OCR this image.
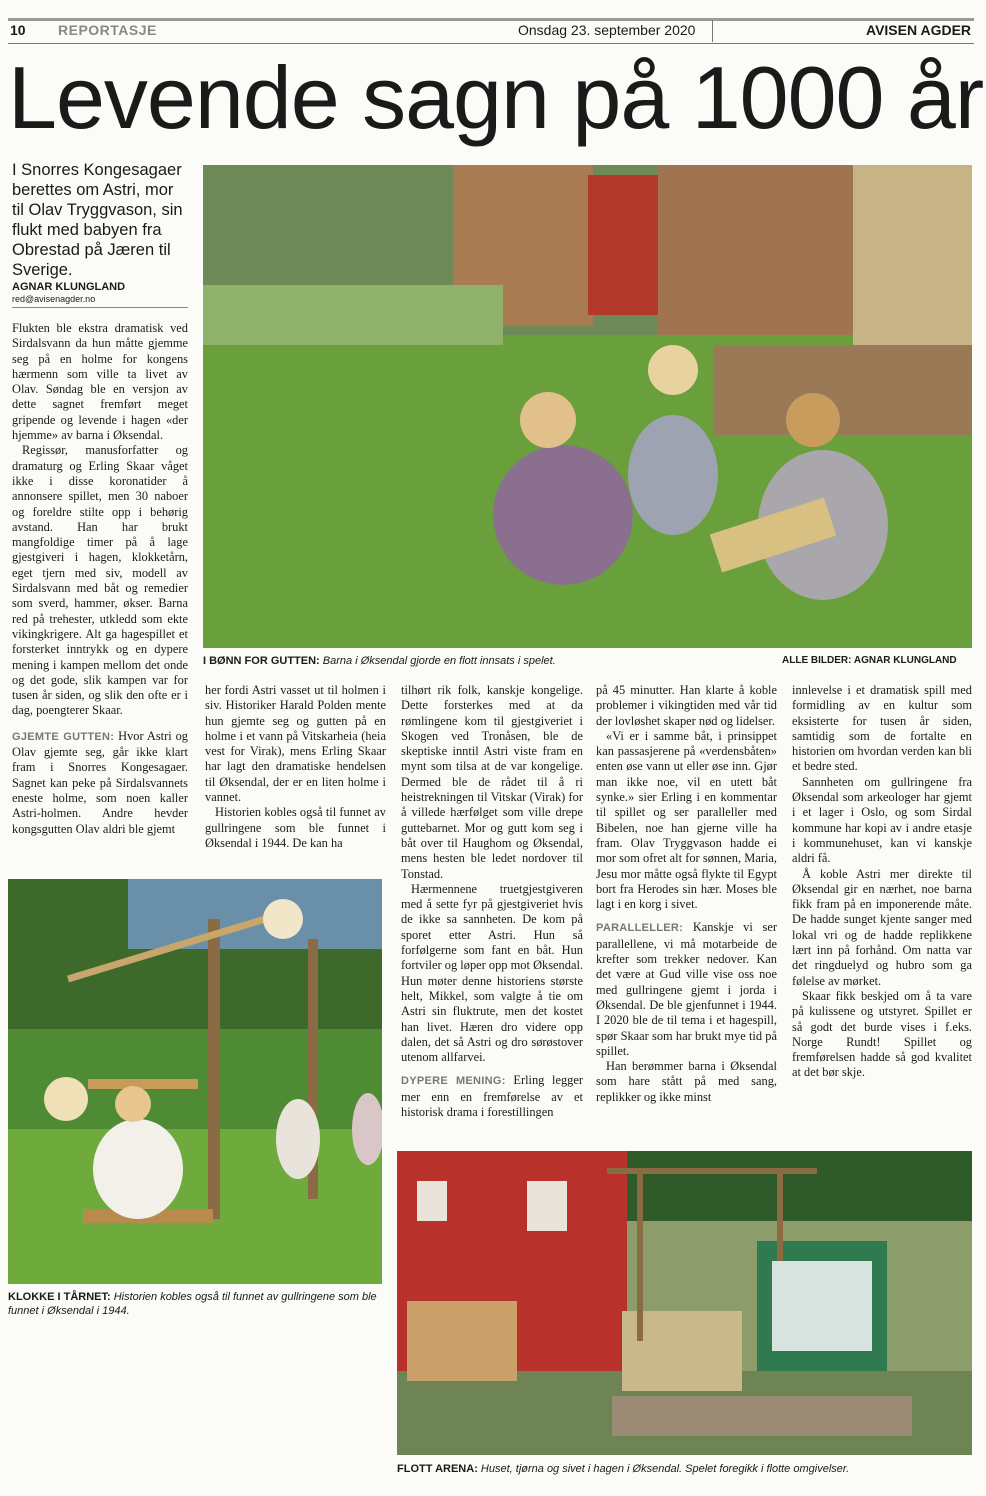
10 REPORTASJE	Onsdag 23. september 2020	AVISEN AGDER
Levende sagn på 1000 år
I Snorres Kongesagaer berettes om Astri, mor til Olav Tryggvason, sin flukt med babyen fra Obrestad på Jæren til Sverige.
AGNAR KLUNGLAND
red@avisenagder.no
I BØNN FOR GUTTEN: Barna i Øksendal gjorde en flott innsats i spelet.	ALLE BILDER: AGNAR KLUNGLAND

Flukten ble ekstra dramatisk ved Sirdalsvann da hun måtte gjemme seg på en holme for kongens hærmenn som ville ta livet av Olav. Søndag ble en versjon av dette sagnet fremført meget gripende og levende i hagen «der hjemme» av barna i Øksendal.

Regissør, manusforfatter og dramaturg og Erling Skaar våget ikke i disse koronatider å annonsere spillet, men 30 naboer og foreldre stilte opp i behørig avstand. Han har brukt mangfoldige timer på å lage gjestgiveri i hagen, klokketårn, eget tjern med siv, modell av Sirdalsvann med båt og remedier som sverd, hammer, økser. Barna red på trehester, utkledd som ekte vikingkrigere. Alt ga hagespillet et forsterket inntrykk og en dypere mening i kampen mellom det onde og det gode, slik kampen var for tusen år siden, og slik den ofte er i dag, poengterer Skaar.

GJEMTE GUTTEN: Hvor Astri og Olav gjemte seg, går ikke klart fram i Snorres Kongesagaer. Sagnet kan peke på Sirdalsvannets eneste holme, som noen kaller Astri-holmen. Andre hevder kongsgutten Olav aldri ble gjemt

her fordi Astri vasset ut til holmen i siv. Historiker Harald Polden mente hun gjemte seg og gutten på en holme i et vann på Vitskarheia (heia vest for Virak), mens Erling Skaar har lagt den dramatiske hendelsen til Øksendal, der er en liten holme i vannet.

Historien kobles også til funnet av gullringene som ble funnet i Øksendal i 1944. De kan ha

tilhørt rik folk, kanskje kongelige. Dette forsterkes med at da rømlingene kom til gjestgiveriet i Skogen ved Tronåsen, ble de skeptiske inntil Astri viste fram en mynt som tilsa at de var kongelige. Dermed ble de rådet til å ri heistrekningen til Vitskar (Virak) for å villede hærfølget som ville drepe guttebarnet. Mor og gutt kom seg i båt over til Haughom og Øksendal, mens hesten ble ledet nordover til Tonstad.

Hærmennene truetgjestgiveren med å sette fyr på gjestgiveriet hvis de ikke sa sannheten. De kom på sporet etter Astri. Hun så forfølgerne som fant en båt. Hun fortviler og løper opp mot Øksendal. Hun møter denne historiens største helt, Mikkel, som valgte å tie om Astri sin fluktrute, men det kostet han livet. Hæren dro videre opp dalen, det så Astri og dro sørøstover utenom allfarvei.

DYPERE MENING: Erling legger mer enn en fremførelse av et historisk drama i forestillingen

på 45 minutter. Han klarte å koble problemer i vikingtiden med vår tid der lovløshet skaper nød og lidelser.

«Vi er i samme båt, i prinsippet kan passasjerene på «verdensbåten» enten øse vann ut eller øse inn. Gjør man ikke noe, vil en utett båt synke.» sier Erling i en kommentar til spillet og ser paralleller med Bibelen, noe han gjerne ville ha fram. Olav Tryggvason hadde ei mor som ofret alt for sønnen, Maria, Jesu mor måtte også flykte til Egypt bort fra Herodes sin hær. Moses ble lagt i en korg i sivet.

PARALLELLER: Kanskje vi ser parallellene, vi må motarbeide de krefter som trekker nedover. Kan det være at Gud ville vise oss noe med gullringene gjemt i jorda i Øksendal. De ble gjenfunnet i 1944. I 2020 ble de til tema i et hagespill, spør Skaar som har brukt mye tid på spillet.

Han berømmer barna i Øksendal som hare stått på med sang, replikker og ikke minst

innlevelse i et dramatisk spill med formidling av en kultur som eksisterte for tusen år siden, samtidig som de fortalte en historien om hvordan verden kan bli et bedre sted.

Sannheten om gullringene fra Øksendal som arkeologer har gjemt i et lager i Oslo, og som Sirdal kommune har kopi av i andre etasje i kommunehuset, kan vi kanskje aldri få.

Å koble Astri mer direkte til Øksendal gir en nærhet, noe barna fikk fram på en imponerende måte. De hadde sunget kjente sanger med lokal vri og de hadde replikkene lært inn på forhånd. Om natta var det ringduelyd og hubro som ga følelse av mørket.

Skaar fikk beskjed om å ta vare på kulissene og utstyret. Spillet er så godt det burde vises i f.eks. Norge Rundt! Spillet og fremførelsen hadde så god kvalitet at det bør skje.

KLOKKE I TÅRNET: Historien kobles også til funnet av gullringene som ble funnet i Øksendal i 1944.
FLOTT ARENA: Huset, tjørna og sivet i hagen i Øksendal. Spelet foregikk i flotte omgivelser.
